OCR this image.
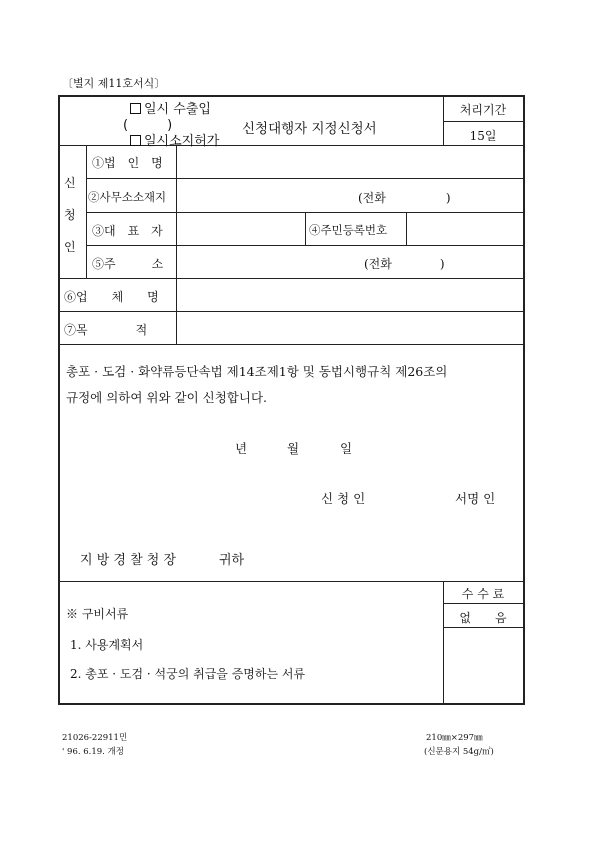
〔별지 제11호서식〕
일시 수출입
(　　　)
일시소지허가
신청대행자 지정신청서
처리기간
15일
신
청
인
①법　인　명
②사무소소재지	(전화　　　　　)
③대　표　자	④주민등록번호
⑤주　　　소	(전화　　　　)
⑥업　　체　　명
⑦목　　　　적
총포 · 도검 · 화약류등단속법 제14조제1항 및 동법시행규칙 제26조의
규정에 의하여 위와 같이 신청합니다.
년	월	일
신 청 인	서명 인
지 방 경 찰 청 장	귀하
※ 구비서류
1. 사용계획서
2. 총포 · 도검 · 석궁의 취급을 증명하는 서류
수 수 료
없　　음
21026-22911민
' 96. 6.19. 개정
210㎜×297㎜
(신문용지 54g/㎡)
